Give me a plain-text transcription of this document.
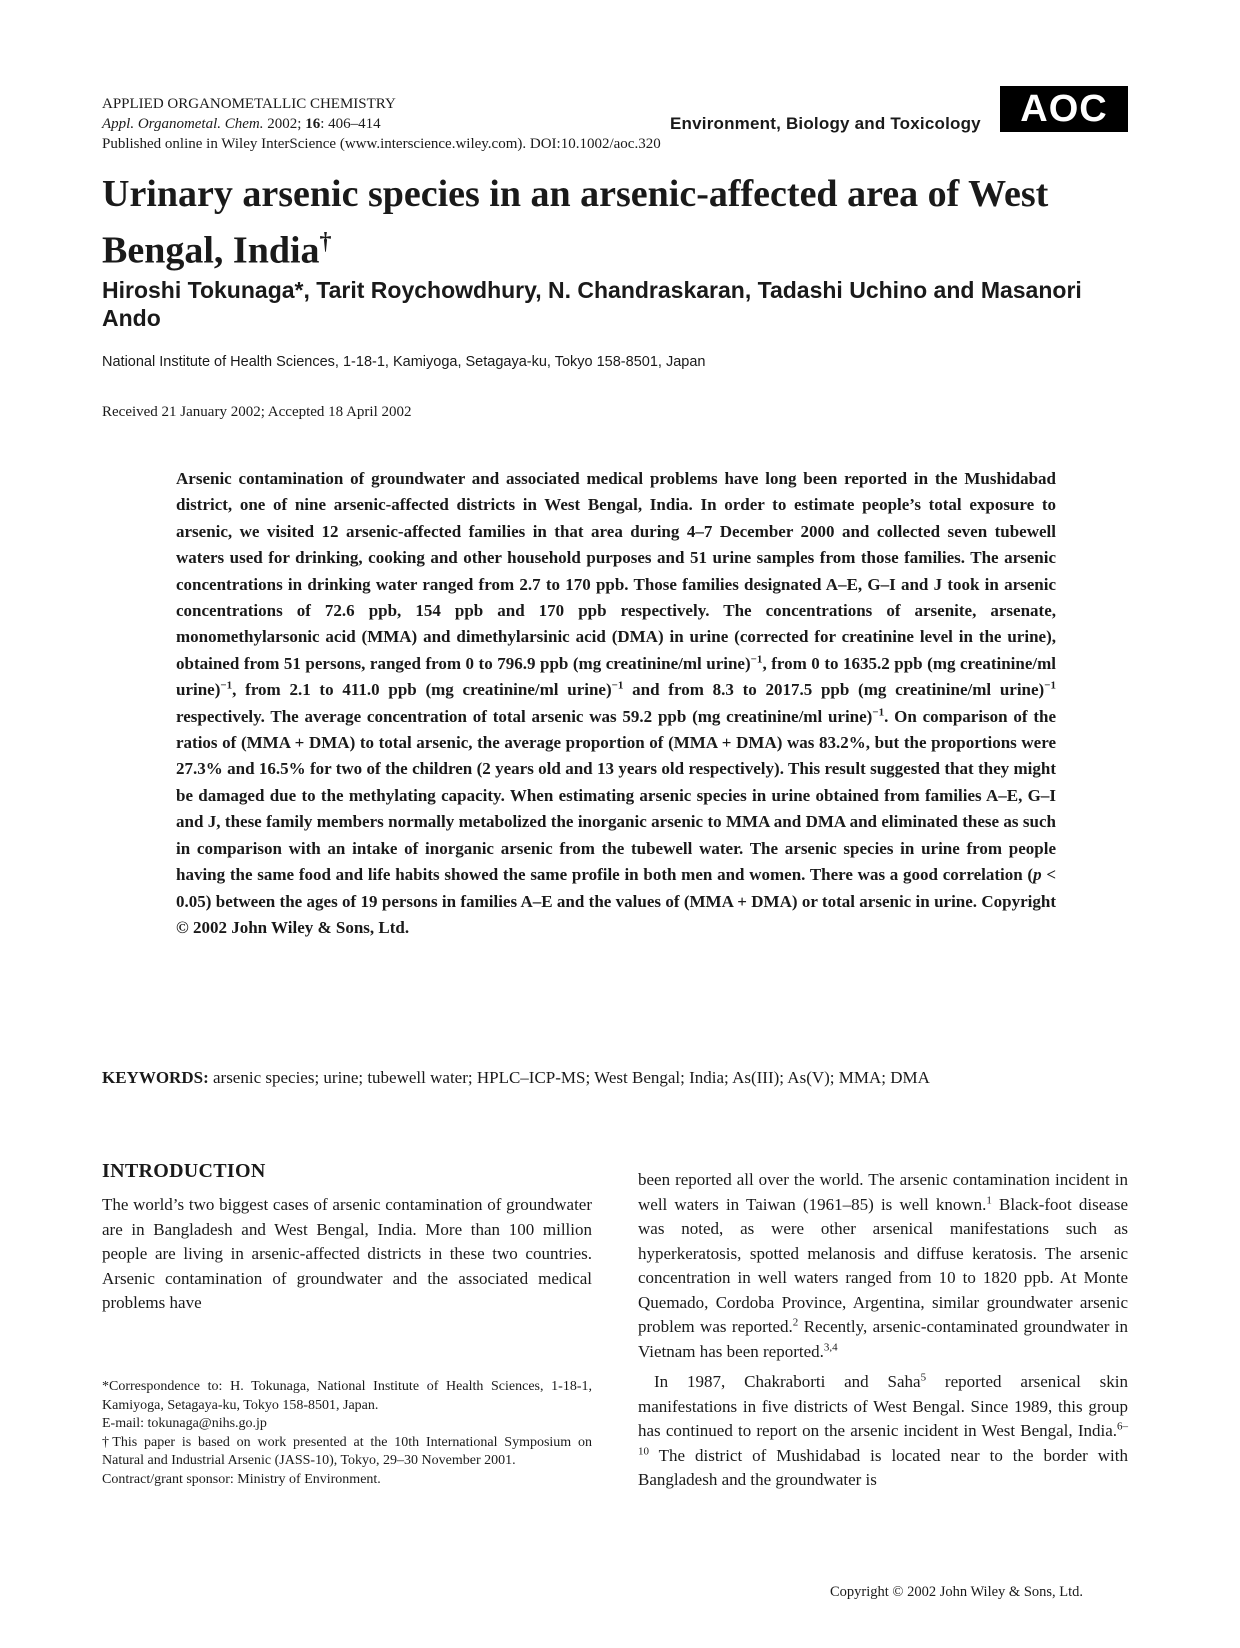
APPLIED ORGANOMETALLIC CHEMISTRY
Appl. Organometal. Chem. 2002; 16: 406–414
Published online in Wiley InterScience (www.interscience.wiley.com). DOI:10.1002/aoc.320
Environment, Biology and Toxicology	AOC
Urinary arsenic species in an arsenic-affected area of West Bengal, India†

Hiroshi Tokunaga*, Tarit Roychowdhury, N. Chandraskaran, Tadashi Uchino and Masanori Ando

National Institute of Health Sciences, 1-18-1, Kamiyoga, Setagaya-ku, Tokyo 158-8501, Japan
Received 21 January 2002; Accepted 18 April 2002

Arsenic contamination of groundwater and associated medical problems have long been reported in the Mushidabad district, one of nine arsenic-affected districts in West Bengal, India. In order to estimate people’s total exposure to arsenic, we visited 12 arsenic-affected families in that area during 4–7 December 2000 and collected seven tubewell waters used for drinking, cooking and other household purposes and 51 urine samples from those families. The arsenic concentrations in drinking water ranged from 2.7 to 170 ppb. Those families designated A–E, G–I and J took in arsenic concentrations of 72.6 ppb, 154 ppb and 170 ppb respectively. The concentrations of arsenite, arsenate, monomethylarsonic acid (MMA) and dimethylarsinic acid (DMA) in urine (corrected for creatinine level in the urine), obtained from 51 persons, ranged from 0 to 796.9 ppb (mg creatinine/ml urine)$^{-1}$, from 0 to 1635.2 ppb (mg creatinine/ml urine)$^{-1}$, from 2.1 to 411.0 ppb (mg creatinine/ml urine)$^{-1}$ and from 8.3 to 2017.5 ppb (mg creatinine/ml urine)$^{-1}$ respectively. The average concentration of total arsenic was 59.2 ppb (mg creatinine/ml urine)$^{-1}$. On comparison of the ratios of (MMA + DMA) to total arsenic, the average proportion of (MMA + DMA) was 83.2%, but the proportions were 27.3% and 16.5% for two of the children (2 years old and 13 years old respectively). This result suggested that they might be damaged due to the methylating capacity. When estimating arsenic species in urine obtained from families A–E, G–I and J, these family members normally metabolized the inorganic arsenic to MMA and DMA and eliminated these as such in comparison with an intake of inorganic arsenic from the tubewell water. The arsenic species in urine from people having the same food and life habits showed the same profile in both men and women. There was a good correlation (p < 0.05) between the ages of 19 persons in families A–E and the values of (MMA + DMA) or total arsenic in urine. Copyright © 2002 John Wiley & Sons, Ltd.

KEYWORDS: arsenic species; urine; tubewell water; HPLC–ICP-MS; West Bengal; India; As(III); As(V); MMA; DMA
INTRODUCTION

The world’s two biggest cases of arsenic contamination of groundwater are in Bangladesh and West Bengal, India. More than 100 million people are living in arsenic-affected districts in these two countries. Arsenic contamination of groundwater and the associated medical problems have

*Correspondence to: H. Tokunaga, National Institute of Health Sciences, 1-18-1, Kamiyoga, Setagaya-ku, Tokyo 158-8501, Japan.

E-mail: tokunaga@nihs.go.jp

†This paper is based on work presented at the 10th International Symposium on Natural and Industrial Arsenic (JASS-10), Tokyo, 29–30 November 2001.

Contract/grant sponsor: Ministry of Environment.

been reported all over the world. The arsenic contamination incident in well waters in Taiwan (1961–85) is well known.$^1$ Black-foot disease was noted, as were other arsenical manifestations such as hyperkeratosis, spotted melanosis and diffuse keratosis. The arsenic concentration in well waters ranged from 10 to 1820 ppb. At Monte Quemado, Cordoba Province, Argentina, similar groundwater arsenic problem was reported.$^2$ Recently, arsenic-contaminated groundwater in Vietnam has been reported.$^{3,4}$

In 1987, Chakraborti and Saha$^5$ reported arsenical skin manifestations in five districts of West Bengal. Since 1989, this group has continued to report on the arsenic incident in West Bengal, India.$^{6-10}$ The district of Mushidabad is located near to the border with Bangladesh and the groundwater is

Copyright © 2002 John Wiley & Sons, Ltd.
